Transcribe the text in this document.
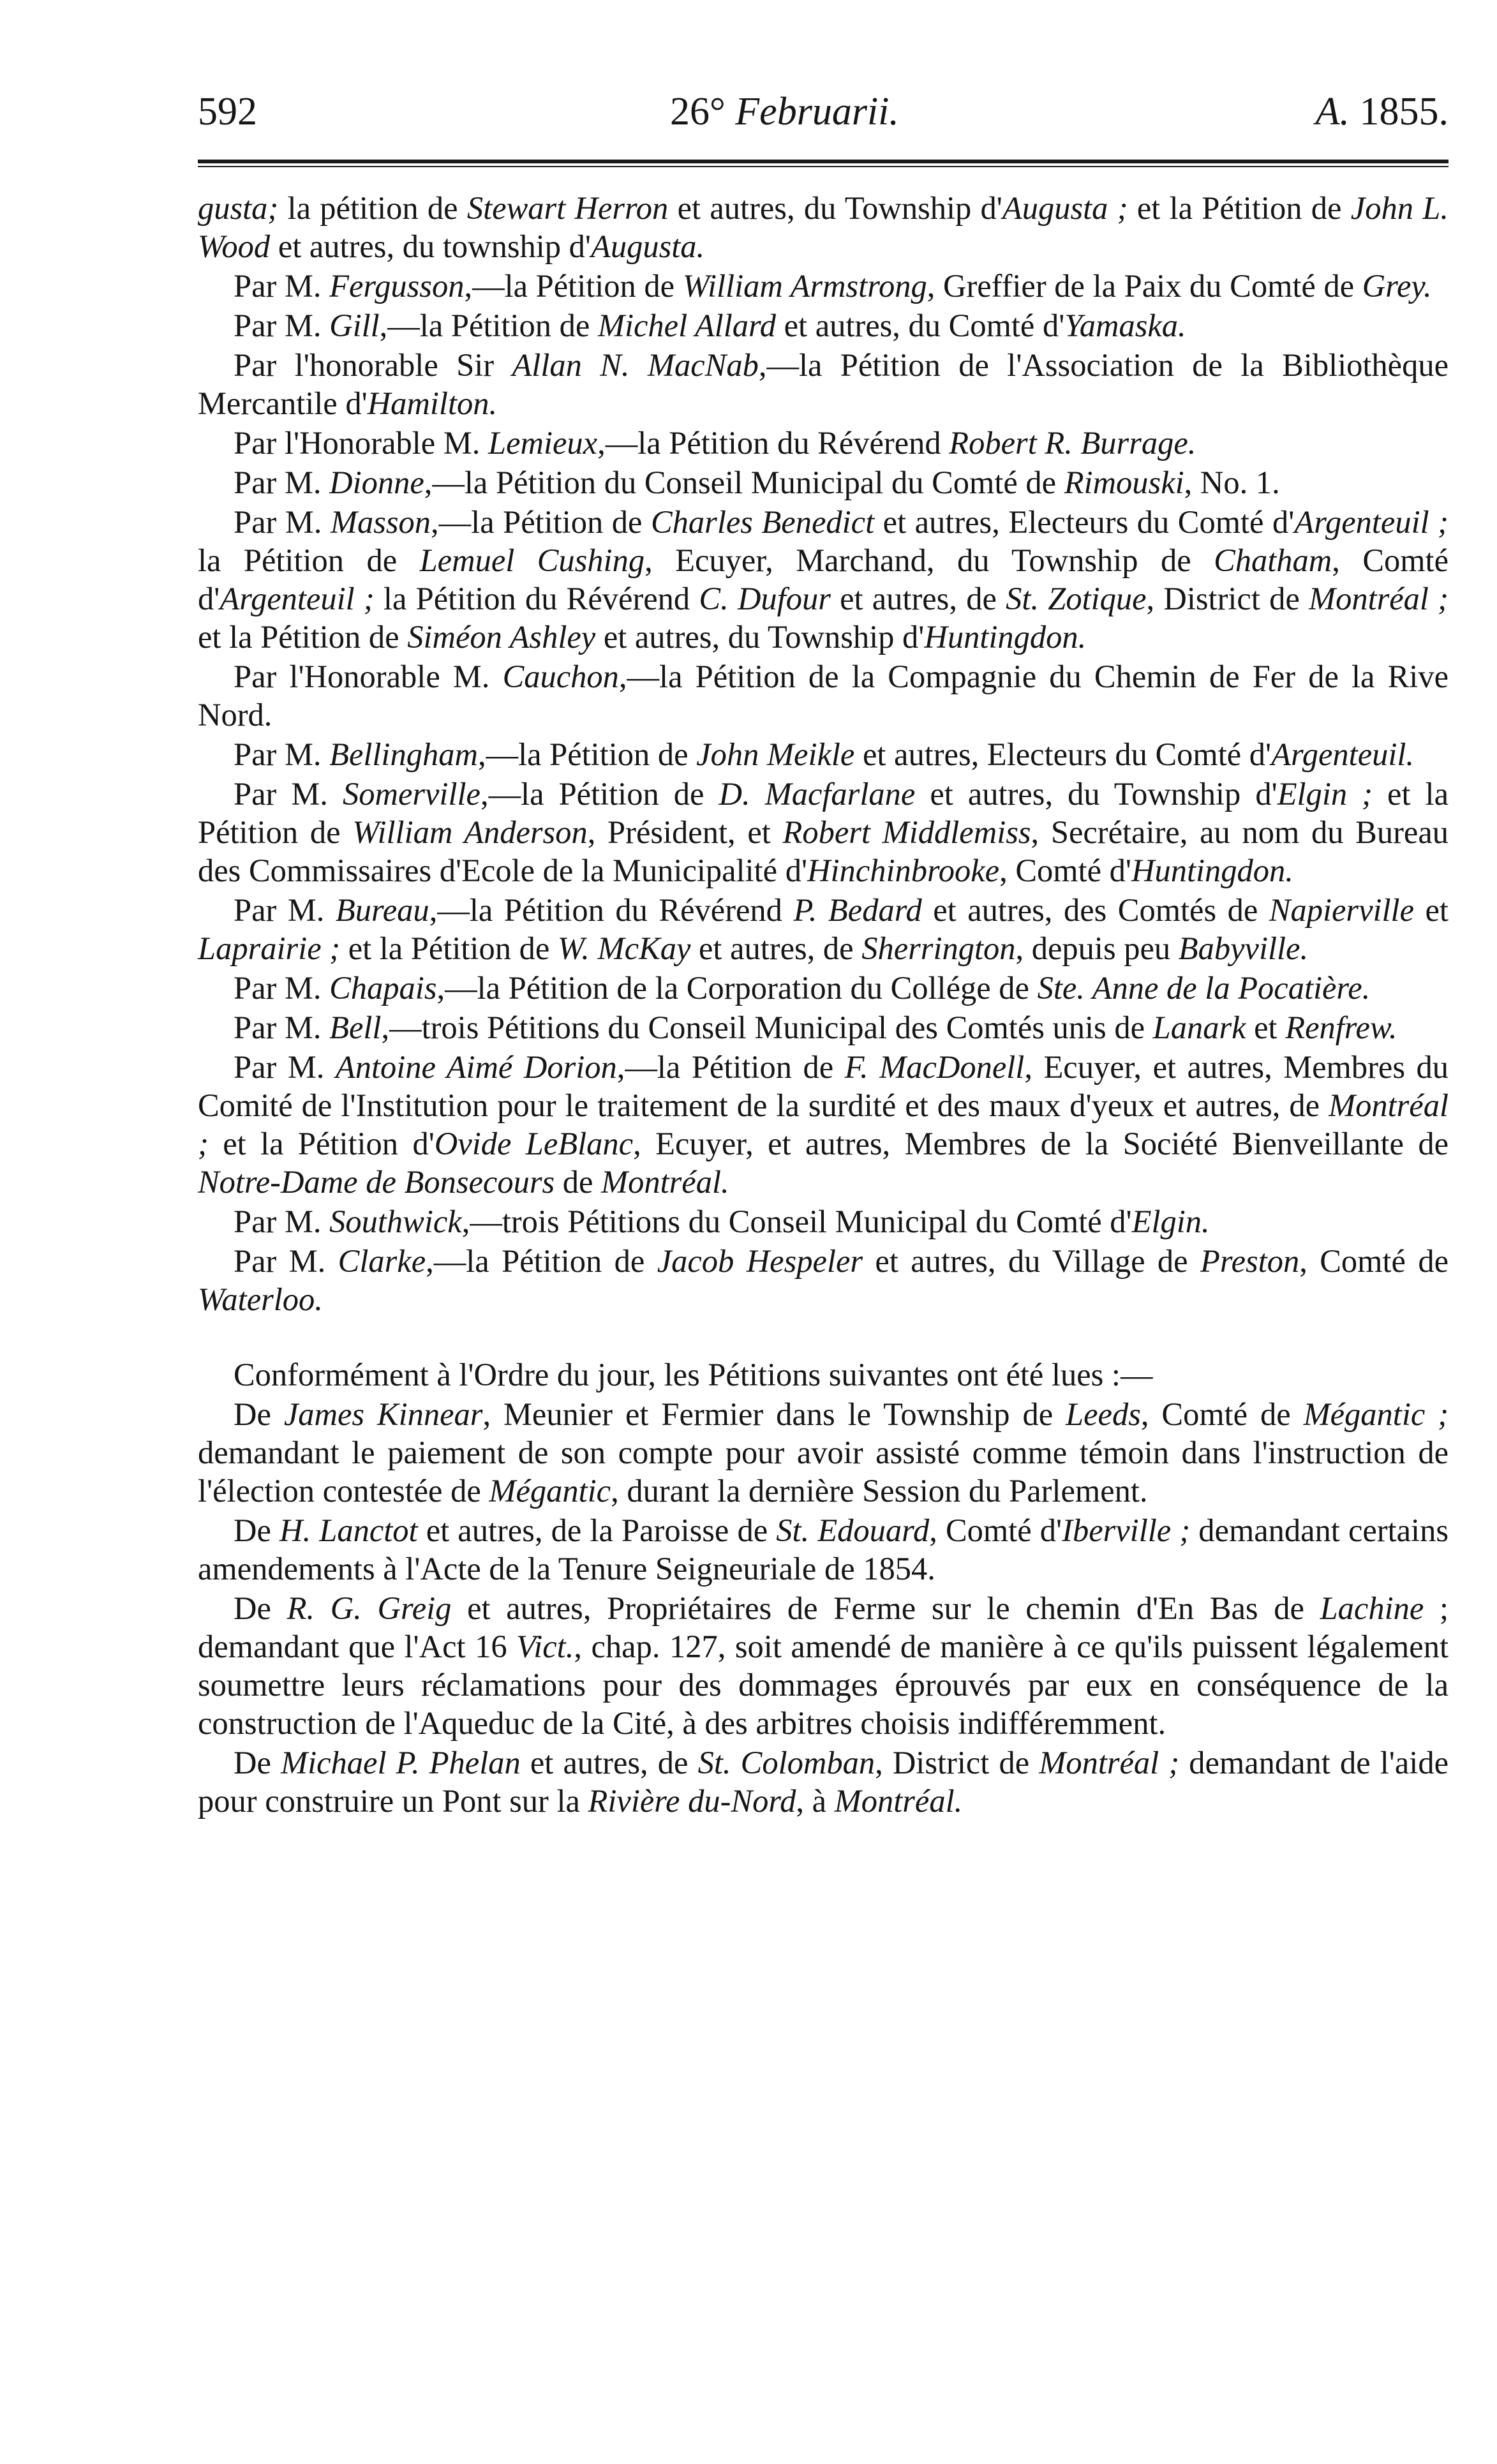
592	26° Februarii.	A. 1855.

gusta; la pétition de Stewart Herron et autres, du Township d'Augusta ; et la Pétition de John L. Wood et autres, du township d'Augusta.

Par M. Fergusson,—la Pétition de William Armstrong, Greffier de la Paix du Comté de Grey.

Par M. Gill,—la Pétition de Michel Allard et autres, du Comté d'Yamaska.

Par l'honorable Sir Allan N. MacNab,—la Pétition de l'Association de la Bibliothèque Mercantile d'Hamilton.

Par l'Honorable M. Lemieux,—la Pétition du Révérend Robert R. Burrage.

Par M. Dionne,—la Pétition du Conseil Municipal du Comté de Rimouski, No. 1.

Par M. Masson,—la Pétition de Charles Benedict et autres, Electeurs du Comté d'Argenteuil ; la Pétition de Lemuel Cushing, Ecuyer, Marchand, du Township de Chatham, Comté d'Argenteuil ; la Pétition du Révérend C. Dufour et autres, de St. Zotique, District de Montréal ; et la Pétition de Siméon Ashley et autres, du Township d'Huntingdon.

Par l'Honorable M. Cauchon,—la Pétition de la Compagnie du Chemin de Fer de la Rive Nord.

Par M. Bellingham,—la Pétition de John Meikle et autres, Electeurs du Comté d'Argenteuil.

Par M. Somerville,—la Pétition de D. Macfarlane et autres, du Township d'Elgin ; et la Pétition de William Anderson, Président, et Robert Middlemiss, Secrétaire, au nom du Bureau des Commissaires d'Ecole de la Municipalité d'Hinchinbrooke, Comté d'Huntingdon.

Par M. Bureau,—la Pétition du Révérend P. Bedard et autres, des Comtés de Napierville et Laprairie ; et la Pétition de W. McKay et autres, de Sherrington, depuis peu Babyville.

Par M. Chapais,—la Pétition de la Corporation du Collége de Ste. Anne de la Pocatière.

Par M. Bell,—trois Pétitions du Conseil Municipal des Comtés unis de Lanark et Renfrew.

Par M. Antoine Aimé Dorion,—la Pétition de F. MacDonell, Ecuyer, et autres, Membres du Comité de l'Institution pour le traitement de la surdité et des maux d'yeux et autres, de Montréal ; et la Pétition d'Ovide LeBlanc, Ecuyer, et autres, Membres de la Société Bienveillante de Notre-Dame de Bonsecours de Montréal.

Par M. Southwick,—trois Pétitions du Conseil Municipal du Comté d'Elgin.

Par M. Clarke,—la Pétition de Jacob Hespeler et autres, du Village de Preston, Comté de Waterloo.

Conformément à l'Ordre du jour, les Pétitions suivantes ont été lues :—

De James Kinnear, Meunier et Fermier dans le Township de Leeds, Comté de Mégantic ; demandant le paiement de son compte pour avoir assisté comme témoin dans l'instruction de l'élection contestée de Mégantic, durant la dernière Session du Parlement.

De H. Lanctot et autres, de la Paroisse de St. Edouard, Comté d'Iberville ; demandant certains amendements à l'Acte de la Tenure Seigneuriale de 1854.

De R. G. Greig et autres, Propriétaires de Ferme sur le chemin d'En Bas de Lachine ; demandant que l'Act 16 Vict., chap. 127, soit amendé de manière à ce qu'ils puissent légalement soumettre leurs réclamations pour des dommages éprouvés par eux en conséquence de la construction de l'Aqueduc de la Cité, à des arbitres choisis indifféremment.

De Michael P. Phelan et autres, de St. Colomban, District de Montréal ; demandant de l'aide pour construire un Pont sur la Rivière du-Nord, à Montréal.
